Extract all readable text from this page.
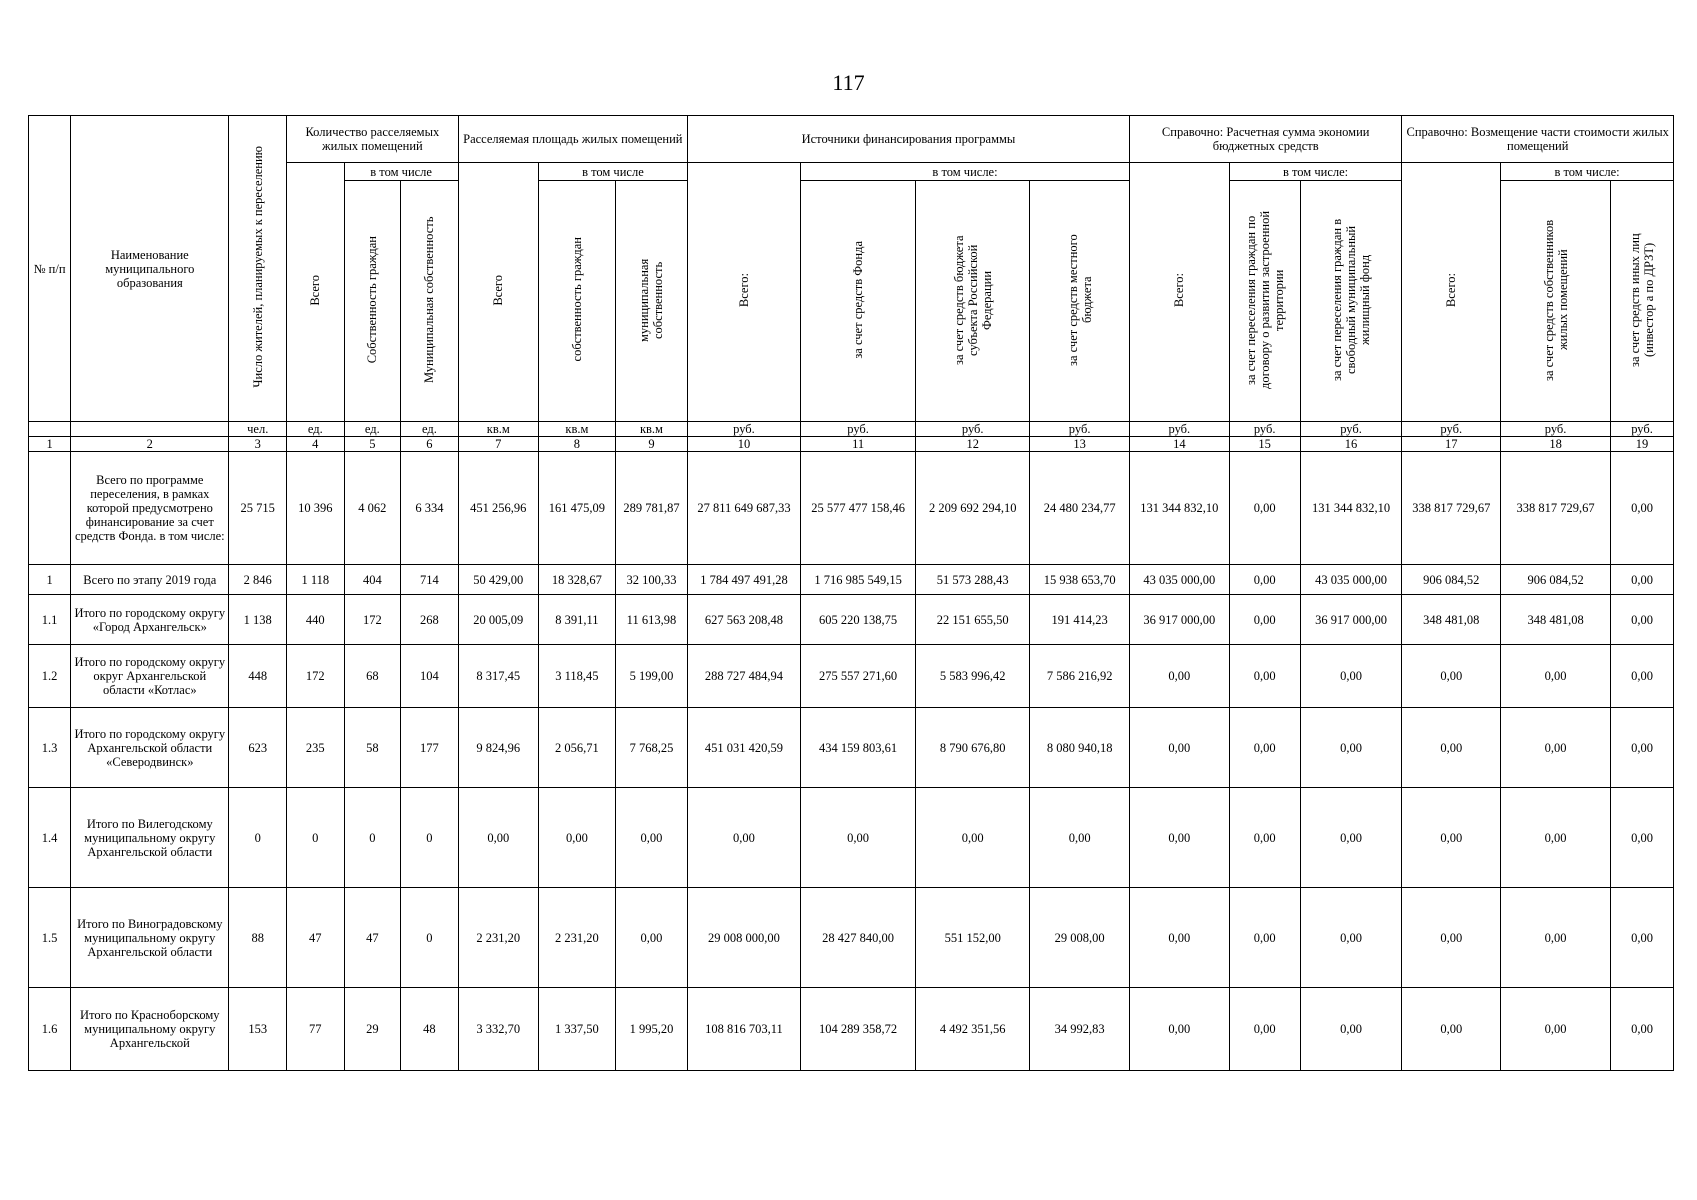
117
№ п/п	Наименование муниципального образования	Число жителей, планируемых к переселению	Количество расселяемых жилых помещений			Расселяемая площадь жилых помещений			Источники финансирования программы				Справочно: Расчетная сумма экономии бюджетных средств			Справочно: Возмещение части стоимости жилых помещений		
			Всего	в том числе		Всего	в том числе		Всего:	в том числе:			Всего:	в том числе:		Всего:	в том числе:	
				Собственность граждан	Муниципальная собственность		собственность граждан	муниципальная собственность		за счет средств Фонда	за счет средств бюджета субъекта Российской Федерации	за счет средств местного бюджета		за счет переселения граждан по договору о развитии застроенной территории	за счет переселения граждан в свободный муниципальный жилищный фонд		за счет средств собственников жилых помещений	за счет средств иных лиц (инвестор а по ДРЗТ)
		чел.	ед.	ед.	ед.	кв.м	кв.м	кв.м	руб.	руб.	руб.	руб.	руб.	руб.	руб.	руб.	руб.	руб.
1	2	3	4	5	6	7	8	9	10	11	12	13	14	15	16	17	18	19
	Всего по программе переселения, в рамках которой предусмотрено финансирование за счет средств Фонда. в том числе:	25 715	10 396	4 062	6 334	451 256,96	161 475,09	289 781,87	27 811 649 687,33	25 577 477 158,46	2 209 692 294,10	24 480 234,77	131 344 832,10	0,00	131 344 832,10	338 817 729,67	338 817 729,67	0,00
1	Всего по этапу 2019 года	2 846	1 118	404	714	50 429,00	18 328,67	32 100,33	1 784 497 491,28	1 716 985 549,15	51 573 288,43	15 938 653,70	43 035 000,00	0,00	43 035 000,00	906 084,52	906 084,52	0,00
1.1	Итого по городскому округу «Город Архангельск»	1 138	440	172	268	20 005,09	8 391,11	11 613,98	627 563 208,48	605 220 138,75	22 151 655,50	191 414,23	36 917 000,00	0,00	36 917 000,00	348 481,08	348 481,08	0,00
1.2	Итого по городскому округу округ Архангельской области «Котлас»	448	172	68	104	8 317,45	3 118,45	5 199,00	288 727 484,94	275 557 271,60	5 583 996,42	7 586 216,92	0,00	0,00	0,00	0,00	0,00	0,00
1.3	Итого по городскому округу Архангельской области «Северодвинск»	623	235	58	177	9 824,96	2 056,71	7 768,25	451 031 420,59	434 159 803,61	8 790 676,80	8 080 940,18	0,00	0,00	0,00	0,00	0,00	0,00
1.4	Итого по Вилегодскому муниципальному округу Архангельской области	0	0	0	0	0,00	0,00	0,00	0,00	0,00	0,00	0,00	0,00	0,00	0,00	0,00	0,00	0,00
1.5	Итого по Виноградовскому муниципальному округу Архангельской области	88	47	47	0	2 231,20	2 231,20	0,00	29 008 000,00	28 427 840,00	551 152,00	29 008,00	0,00	0,00	0,00	0,00	0,00	0,00
1.6	Итого по Красноборскому муниципальному округу Архангельской	153	77	29	48	3 332,70	1 337,50	1 995,20	108 816 703,11	104 289 358,72	4 492 351,56	34 992,83	0,00	0,00	0,00	0,00	0,00	0,00
